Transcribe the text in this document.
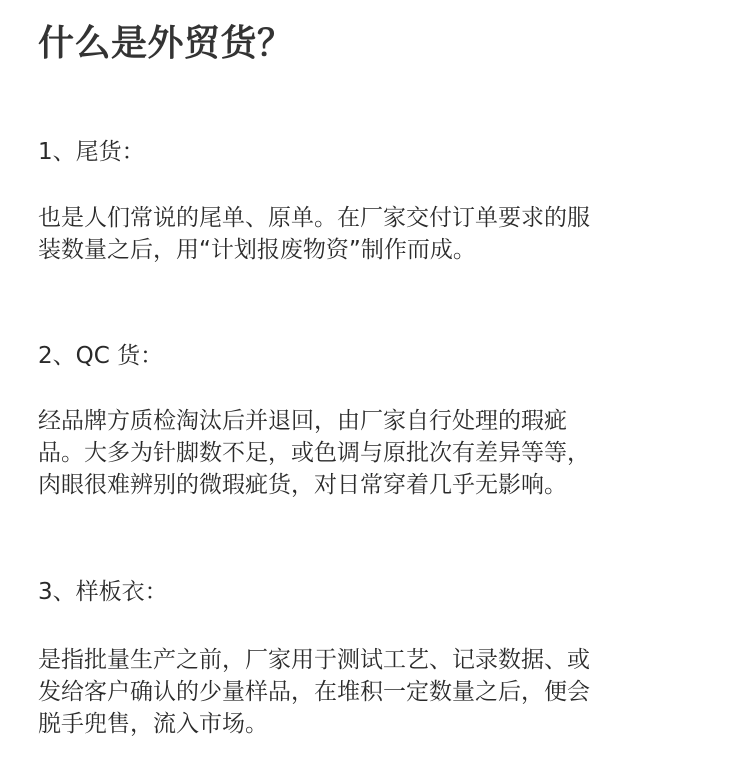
什么是外贸货？
1、尾货：
也是人们常说的尾单、原单。在厂家交付订单要求的服
装数量之后，用“计划报废物资”制作而成。
2、QC 货：
经品牌方质检淘汰后并退回，由厂家自行处理的瑕疵
品。大多为针脚数不足，或色调与原批次有差异等等，
肉眼很难辨别的微瑕疵货，对日常穿着几乎无影响。
3、样板衣：
是指批量生产之前，厂家用于测试工艺、记录数据、或
发给客户确认的少量样品，在堆积一定数量之后，便会
脱手兜售，流入市场。
